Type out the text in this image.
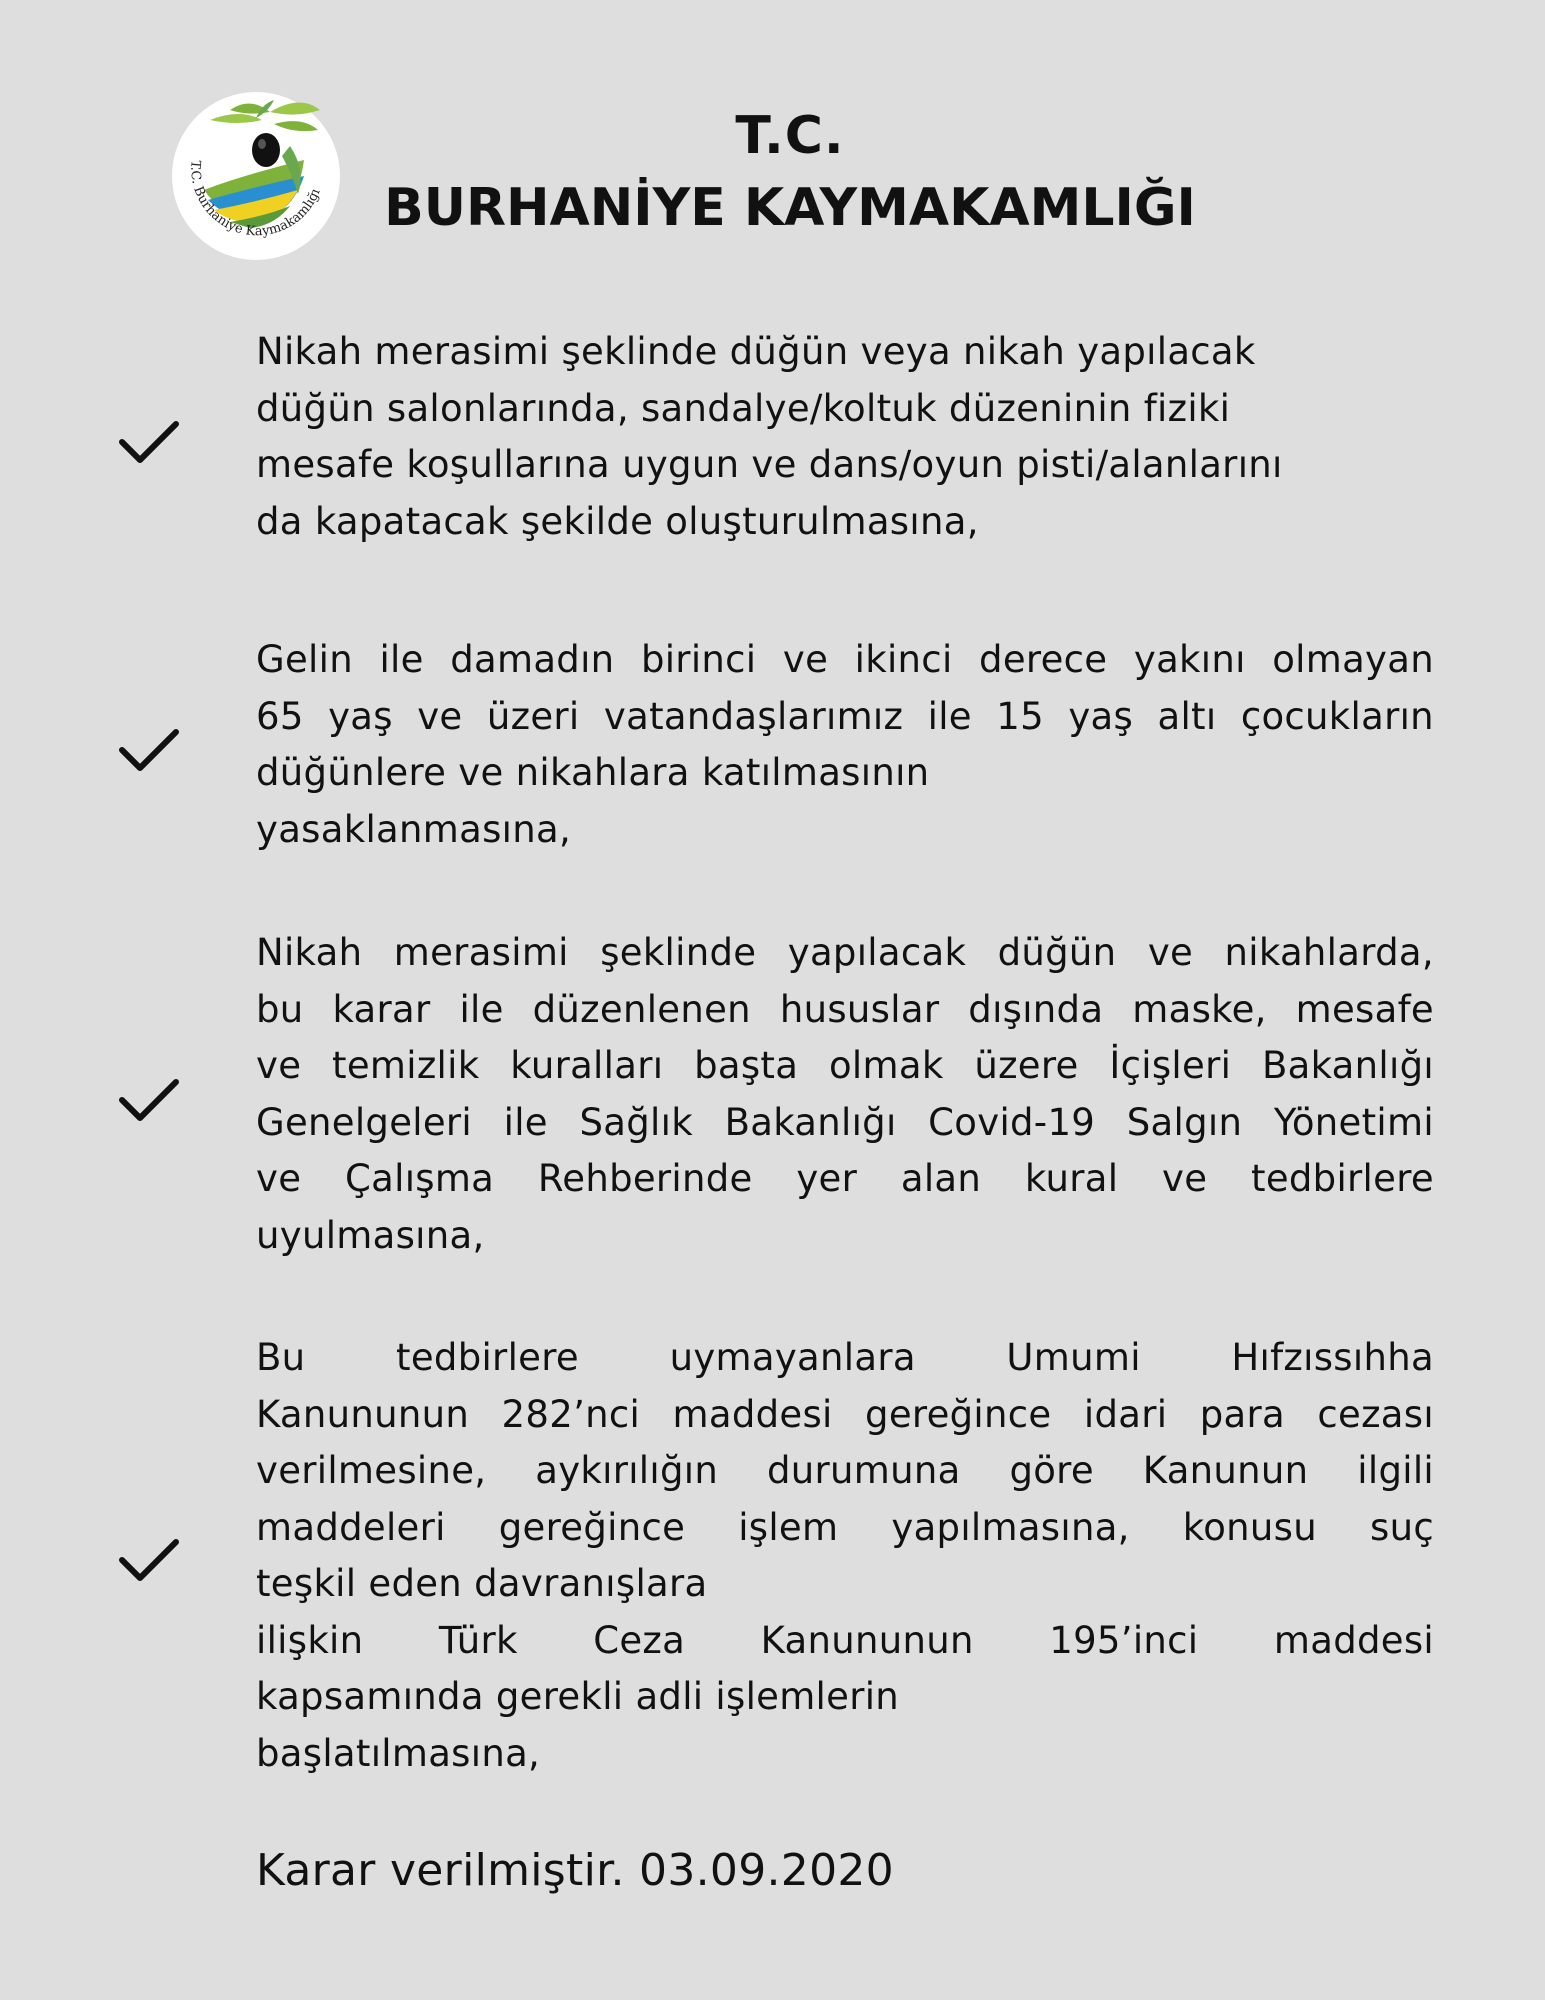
T.C. Burhaniye Kaymakamlığı
T.C.
BURHANİYE KAYMAKAMLIĞI

Nikah merasimi şeklinde düğün veya nikah yapılacak

düğün salonlarında, sandalye/koltuk düzeninin fiziki

mesafe koşullarına uygun ve dans/oyun pisti/alanlarını

da kapatacak şekilde oluşturulmasına,

Gelin ile damadın birinci ve ikinci derece yakını olmayan

65 yaş ve üzeri vatandaşlarımız ile 15 yaş altı çocukların

düğünlere ve nikahlara katılmasının

yasaklanmasına,

Nikah merasimi şeklinde yapılacak düğün ve nikahlarda,

bu karar ile düzenlenen hususlar dışında maske, mesafe

ve temizlik kuralları başta olmak üzere İçişleri Bakanlığı

Genelgeleri ile Sağlık Bakanlığı Covid-19 Salgın Yönetimi

ve Çalışma Rehberinde yer alan kural ve tedbirlere

uyulmasına,

Bu tedbirlere uymayanlara Umumi Hıfzıssıhha

Kanununun 282’nci maddesi gereğince idari para cezası

verilmesine, aykırılığın durumuna göre Kanunun ilgili

maddeleri gereğince işlem yapılmasına, konusu suç

teşkil eden davranışlara

ilişkin Türk Ceza Kanununun 195’inci maddesi

kapsamında gerekli adli işlemlerin

başlatılmasına,

Karar verilmiştir. 03.09.2020
